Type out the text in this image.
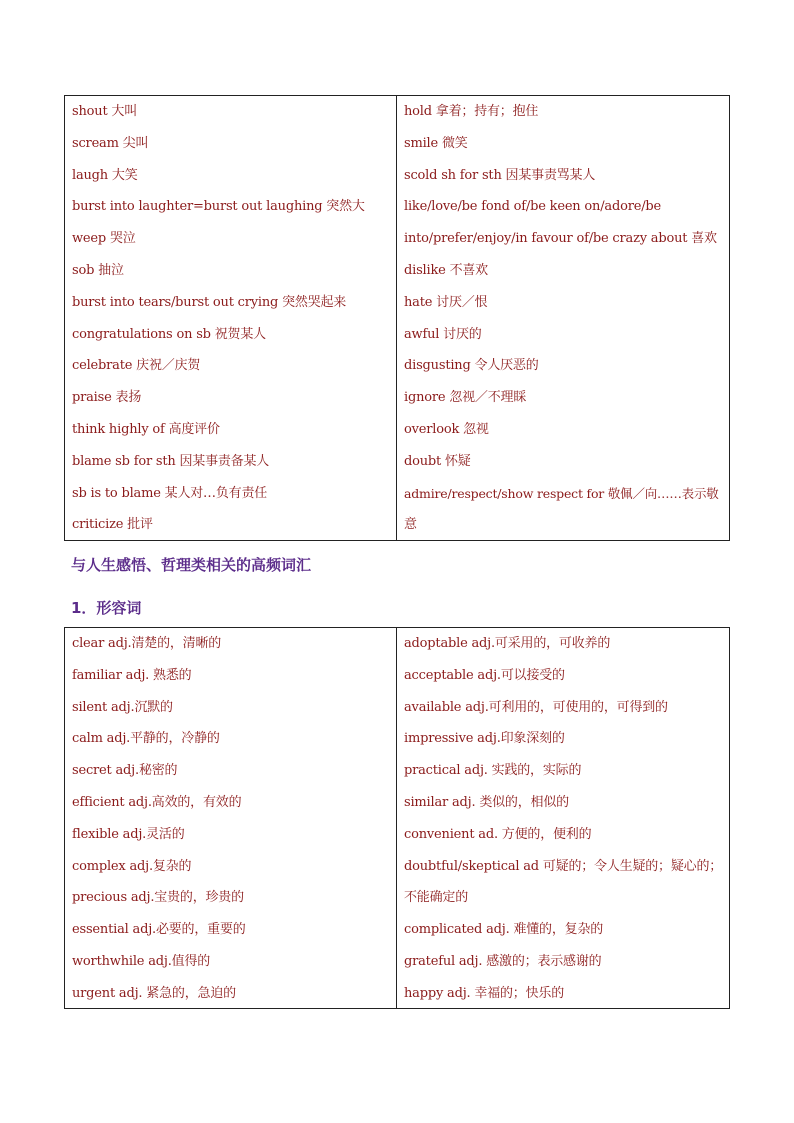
shout 大叫
scream 尖叫
laugh 大笑
burst into laughter=burst out laughing 突然大
weep 哭泣
sob 抽泣
burst into tears/burst out crying 突然哭起来
congratulations on sb 祝贺某人
celebrate 庆祝／庆贺
praise 表扬
think highly of 高度评价
blame sb for sth 因某事责备某人
sb is to blame 某人对…负有责任
criticize 批评
hold 拿着；持有；抱住
smile 微笑
scold sh for sth 因某事责骂某人
like/love/be fond of/be keen on/adore/be
into/prefer/enjoy/in favour of/be crazy about 喜欢
dislike 不喜欢
hate 讨厌／恨
awful 讨厌的
disgusting 令人厌恶的
ignore 忽视／不理睬
overlook 忽视
doubt 怀疑
admire/respect/show respect for 敬佩／向……表示敬
意
与人生感悟、哲理类相关的高频词汇
1．形容词
clear adj.清楚的，清晰的
familiar adj. 熟悉的
silent adj.沉默的
calm adj.平静的，冷静的
secret adj.秘密的
efficient adj.高效的，有效的
flexible adj.灵活的
complex adj.复杂的
precious adj.宝贵的，珍贵的
essential adj.必要的，重要的
worthwhile adj.值得的
urgent adj. 紧急的，急迫的
adoptable adj.可采用的，可收养的
acceptable adj.可以接受的
available adj.可利用的，可使用的，可得到的
impressive adj.印象深刻的
practical adj. 实践的，实际的
similar adj. 类似的，相似的
convenient ad. 方便的，便利的
doubtful/skeptical ad 可疑的；令人生疑的；疑心的；
不能确定的
complicated adj. 难懂的，复杂的
grateful adj. 感激的；表示感谢的
happy adj. 幸福的；快乐的
